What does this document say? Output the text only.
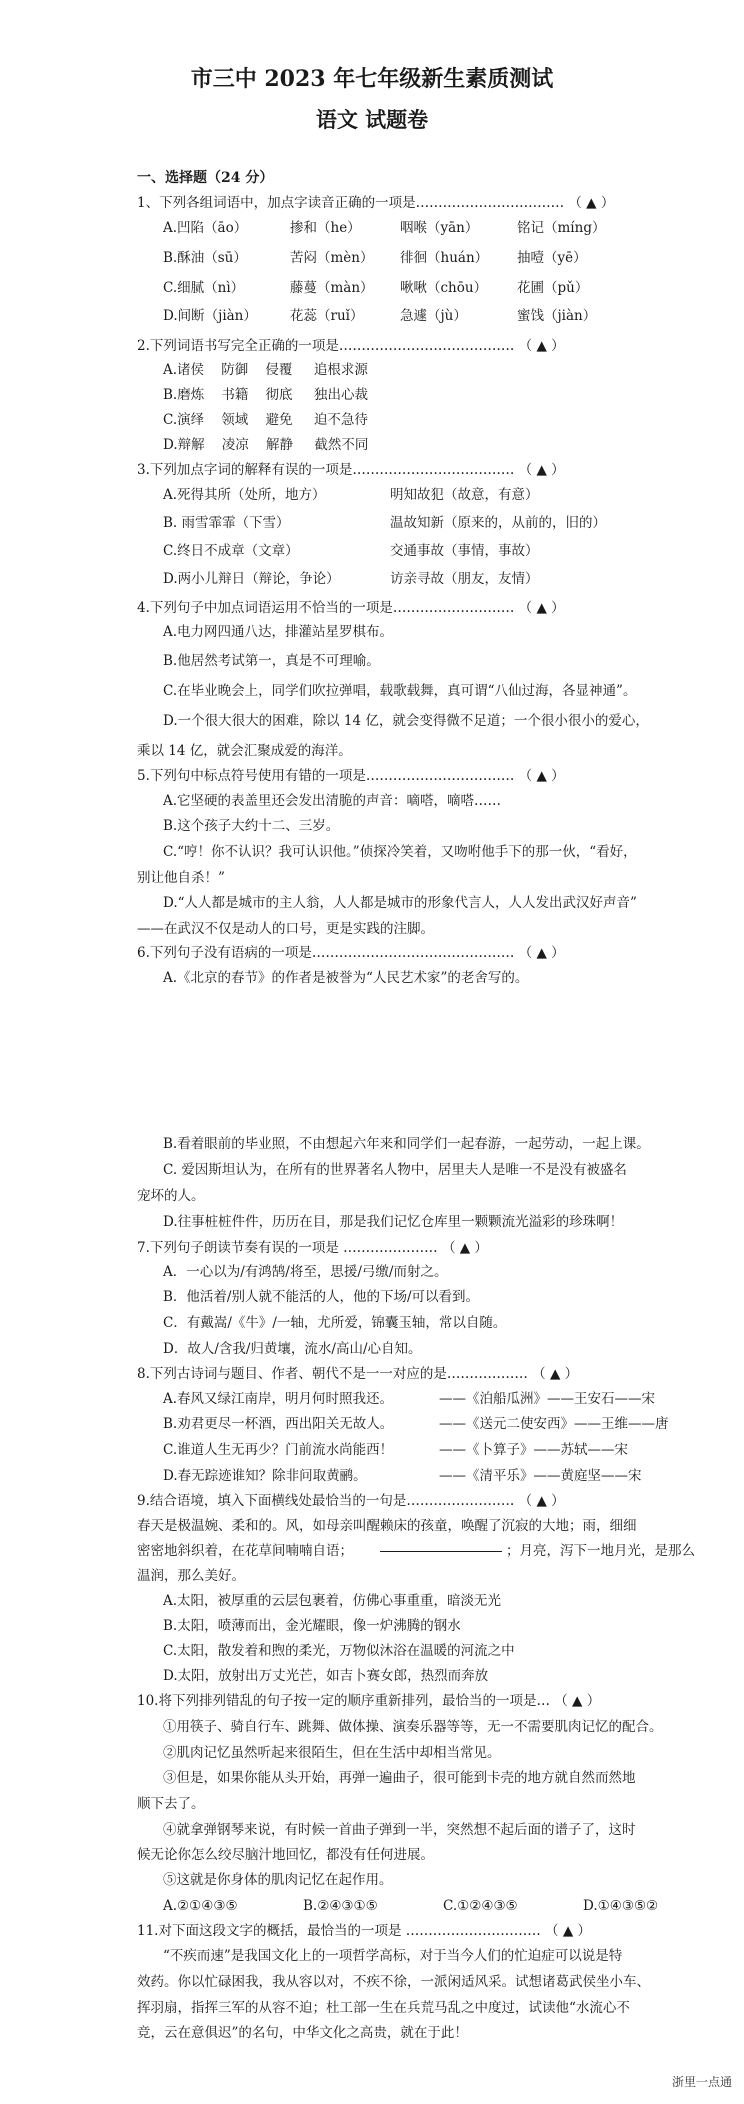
市三中 2023 年七年级新生素质测试
语文 试题卷
一、选择题（24 分）
1、下列各组词语中，加点字读音正确的一项是…………………………… （ ▲ ）
A.凹陷（āo）	掺和（he）	咽喉（yān）	铭记（míng）
B.酥油（sū）	苦闷（mèn） 徘徊（huán） 抽噎（yē）
C.细腻（nì）	藤蔓（màn） 啾啾（chōu） 花圃（pǔ）
D.间断（jiàn） 花蕊（ruǐ）	急遽（jù）	蜜饯（jiàn）
2.下列词语书写完全正确的一项是………………………………… （ ▲ ）
A.诸侯    防御    侵覆     追根求源
B.磨炼    书籍    彻底     独出心裁
C.演绎    领域    避免     迫不急待
D.辩解    凌凉    解静     截然不同
3.下列加点字词的解释有误的一项是……………………………… （ ▲ ）
A.死得其所（处所，地方）	明知故犯（故意，有意）
B. 雨雪霏霏（下雪）	温故知新（原来的，从前的，旧的）
C.终日不成章（文章）	交通事故（事情，事故）
D.两小儿辩日（辩论，争论）	访亲寻故（朋友，友情）
4.下列句子中加点词语运用不恰当的一项是……………………… （ ▲ ）
A.电力网四通八达，排灌站星罗棋布。
B.他居然考试第一，真是不可理喻。
C.在毕业晚会上，同学们吹拉弹唱，载歌载舞，真可谓“八仙过海，各显神通”。
D.一个很大很大的困难，除以 14 亿，就会变得微不足道；一个很小很小的爱心，
乘以 14 亿，就会汇聚成爱的海洋。
5.下列句中标点符号使用有错的一项是…………………………… （ ▲ ）
A.它坚硬的表盖里还会发出清脆的声音：嘀嗒，嘀嗒……
B.这个孩子大约十二、三岁。
C.“哼！你不认识？我可认识他。”侦探冷笑着，又吻咐他手下的那一伙，“看好，
别让他自杀！”
D.“人人都是城市的主人翁，人人都是城市的形象代言人，人人发出武汉好声音”
——在武汉不仅是动人的口号，更是实践的注脚。
6.下列句子没有语病的一项是……………………………………… （ ▲ ）
A.《北京的春节》的作者是被誉为“人民艺术家”的老舍写的。
B.看着眼前的毕业照，不由想起六年来和同学们一起春游，一起劳动，一起上课。
C. 爱因斯坦认为，在所有的世界著名人物中，居里夫人是唯一不是没有被盛名
宠坏的人。
D.往事桩桩件件，历历在目，那是我们记忆仓库里一颗颗流光溢彩的珍珠啊！
7.下列句子朗读节奏有误的一项是 ………………… （ ▲ ）
A．一心以为/有鸿鹄/将至，思援/弓缴/而射之。
B．他活着/别人就不能活的人，他的下场/可以看到。
C．有戴嵩/《牛》/一轴，尤所爱，锦囊玉轴，常以自随。
D．故人/含我/归黄壤，流水/高山/心自知。
8.下列古诗词与题目、作者、朝代不是一一对应的是……………… （ ▲ ）
A.春风又绿江南岸，明月何时照我还。	——《泊船瓜洲》——王安石——宋
B.劝君更尽一杯酒，西出阳关无故人。	——《送元二使安西》——王维——唐
C.谁道人生无再少？门前流水尚能西！	——《卜算子》——苏轼——宋
D.春无踪迹谁知？除非问取黄鹂。	——《清平乐》——黄庭坚——宋
9.结合语境，填入下面横线处最恰当的一句是…………………… （ ▲ ）
春天是极温婉、柔和的。风，如母亲叫醒赖床的孩童，唤醒了沉寂的大地；雨，细细
密密地斜织着，在花草间喃喃自语；	；月亮，泻下一地月光，是那么
温润，那么美好。
A.太阳，被厚重的云层包裹着，仿佛心事重重，暗淡无光
B.太阳，喷薄而出，金光耀眼，像一炉沸腾的钢水
C.太阳，散发着和煦的柔光，万物似沐浴在温暖的河流之中
D.太阳，放射出万丈光芒，如吉卜赛女郎，热烈而奔放
10.将下列排列错乱的句子按一定的顺序重新排列，最恰当的一项是… （ ▲ ）
①用筷子、骑自行车、跳舞、做体操、演奏乐器等等，无一不需要肌肉记忆的配合。
②肌肉记忆虽然听起来很陌生，但在生活中却相当常见。
③但是，如果你能从头开始，再弹一遍曲子，很可能到卡壳的地方就自然而然地
顺下去了。
④就拿弹钢琴来说，有时候一首曲子弹到一半，突然想不起后面的谱子了，这时
候无论你怎么绞尽脑汁地回忆，都没有任何进展。
⑤这就是你身体的肌肉记忆在起作用。
A.②①④③⑤	B.②④③①⑤	C.①②④③⑤	D.①④③⑤②
11.对下面这段文字的概括，最恰当的一项是 ………………………… （ ▲ ）
“不疾而速”是我国文化上的一项哲学高标，对于当今人们的忙迫症可以说是特
效药。你以忙碌困我，我从容以对，不疾不徐，一派闲适风采。试想诸葛武侯坐小车、
挥羽扇，指挥三军的从容不迫；杜工部一生在兵荒马乱之中度过，试读他“水流心不
竞，云在意俱迟”的名句，中华文化之高贵，就在于此！
浙里一点通
